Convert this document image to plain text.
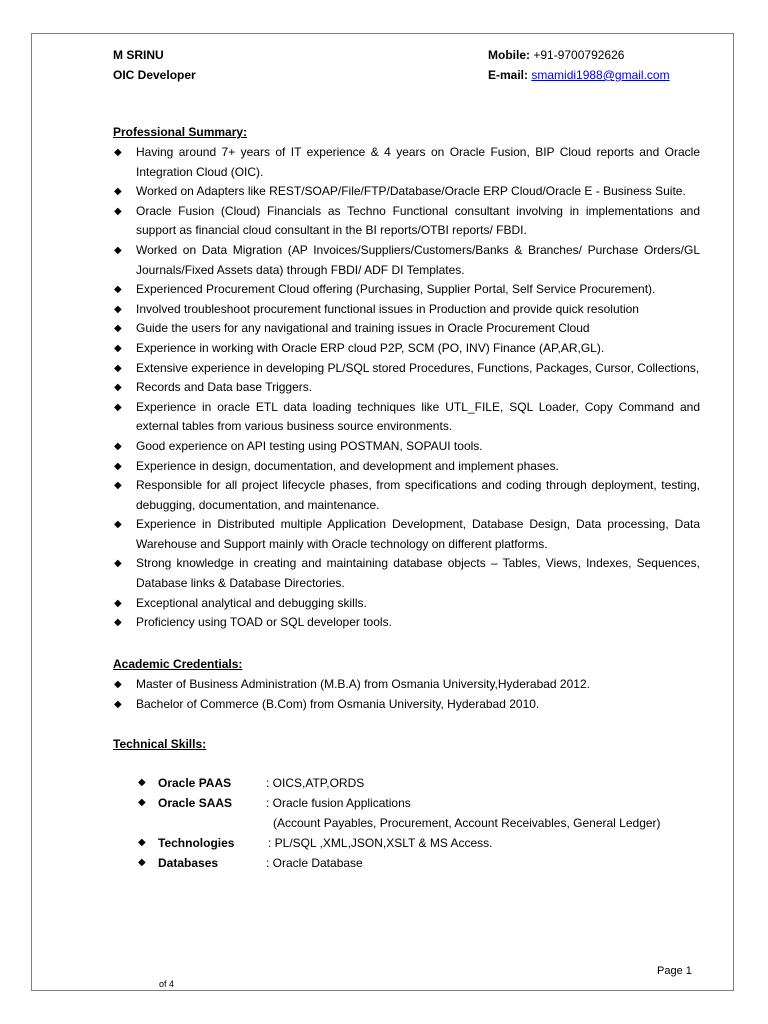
M SRINU
OIC Developer
Mobile: +91-9700792626
E-mail: smamidi1988@gmail.com
Professional Summary:
◆ Having around 7+ years of IT experience & 4 years on Oracle Fusion, BIP Cloud reports and Oracle Integration Cloud (OIC).
◆ Worked on Adapters like REST/SOAP/File/FTP/Database/Oracle ERP Cloud/Oracle E - Business Suite.
◆ Oracle Fusion (Cloud) Financials as Techno Functional consultant involving in implementations and support as financial cloud consultant in the BI reports/OTBI reports/ FBDI.
◆ Worked on Data Migration (AP Invoices/Suppliers/Customers/Banks & Branches/ Purchase Orders/GL Journals/Fixed Assets data) through FBDI/ ADF DI Templates.
◆ Experienced Procurement Cloud offering (Purchasing, Supplier Portal, Self Service Procurement).
◆ Involved troubleshoot procurement functional issues in Production and provide quick resolution
◆ Guide the users for any navigational and training issues in Oracle Procurement Cloud
◆ Experience in working with Oracle ERP cloud P2P, SCM (PO, INV) Finance (AP,AR,GL).
◆ Extensive experience in developing PL/SQL stored Procedures, Functions, Packages, Cursor, Collections,
◆ Records and Data base Triggers.
◆ Experience in oracle ETL data loading techniques like UTL_FILE, SQL Loader, Copy Command and external tables from various business source environments.
◆ Good experience on API testing using POSTMAN, SOPAUI tools.
◆ Experience in design, documentation, and development and implement phases.
◆ Responsible for all project lifecycle phases, from specifications and coding through deployment, testing, debugging, documentation, and maintenance.
◆ Experience in Distributed multiple Application Development, Database Design, Data processing, Data Warehouse and Support mainly with Oracle technology on different platforms.
◆ Strong knowledge in creating and maintaining database objects – Tables, Views, Indexes, Sequences, Database links & Database Directories.
◆ Exceptional analytical and debugging skills.
◆ Proficiency using TOAD or SQL developer tools.
Academic Credentials:
◆ Master of Business Administration (M.B.A) from Osmania University,Hyderabad 2012.
◆ Bachelor of Commerce (B.Com) from Osmania University, Hyderabad 2010.
Technical Skills:
◆ Oracle PAAS	: OICS,ATP,ORDS
◆ Oracle SAAS	: Oracle fusion Applications
(Account Payables, Procurement, Account Receivables, General Ledger)
◆ Technologies	: PL/SQL ,XML,JSON,XSLT & MS Access.
◆ Databases	: Oracle Database
Page 1
of 4
